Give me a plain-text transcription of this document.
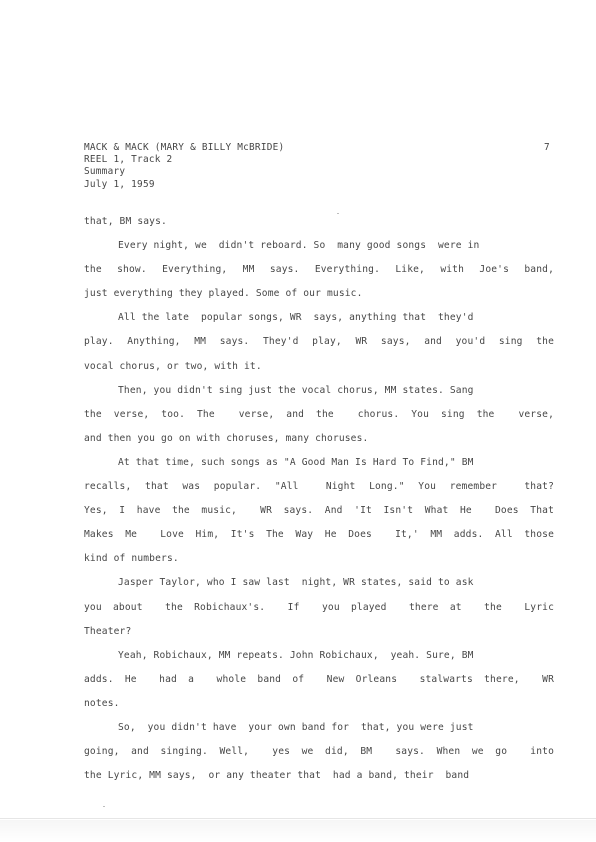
MACK & MACK (MARY & BILLY McBRIDE)
REEL 1, Track 2
Summary
July 1, 1959
7
that, BM says.
Every night, we  didn't reboard. So  many good songs  were in
the show. Everything, MM says. Everything. Like, with Joe's band,
just everything they played. Some of our music.
All the late  popular songs, WR  says, anything that  they'd
play. Anything, MM says. They'd play, WR says, and you'd sing the
vocal chorus, or two, with it.
Then, you didn't sing just the vocal chorus, MM states. Sang
the verse, too. The  verse, and the  chorus. You sing the  verse,
and then you go on with choruses, many choruses.
At that time, such songs as "A Good Man Is Hard To Find," BM
recalls, that was popular. "All  Night Long." You remember  that?
Yes, I have the music,  WR says. And 'It Isn't What He  Does That
Makes Me  Love Him, It's The Way He Does  It,' MM adds. All those
kind of numbers.
Jasper Taylor, who I saw last  night, WR states, said to ask
you about  the Robichaux's.  If  you played  there at  the  Lyric
Theater?
Yeah, Robichaux, MM repeats. John Robichaux,  yeah. Sure, BM
adds. He  had a  whole band of  New Orleans  stalwarts there,  WR
notes.
So,  you didn't have  your own band for  that, you were just
going, and singing. Well,  yes we did, BM  says. When we go  into
the Lyric, MM says,  or any theater that  had a band, their  band
